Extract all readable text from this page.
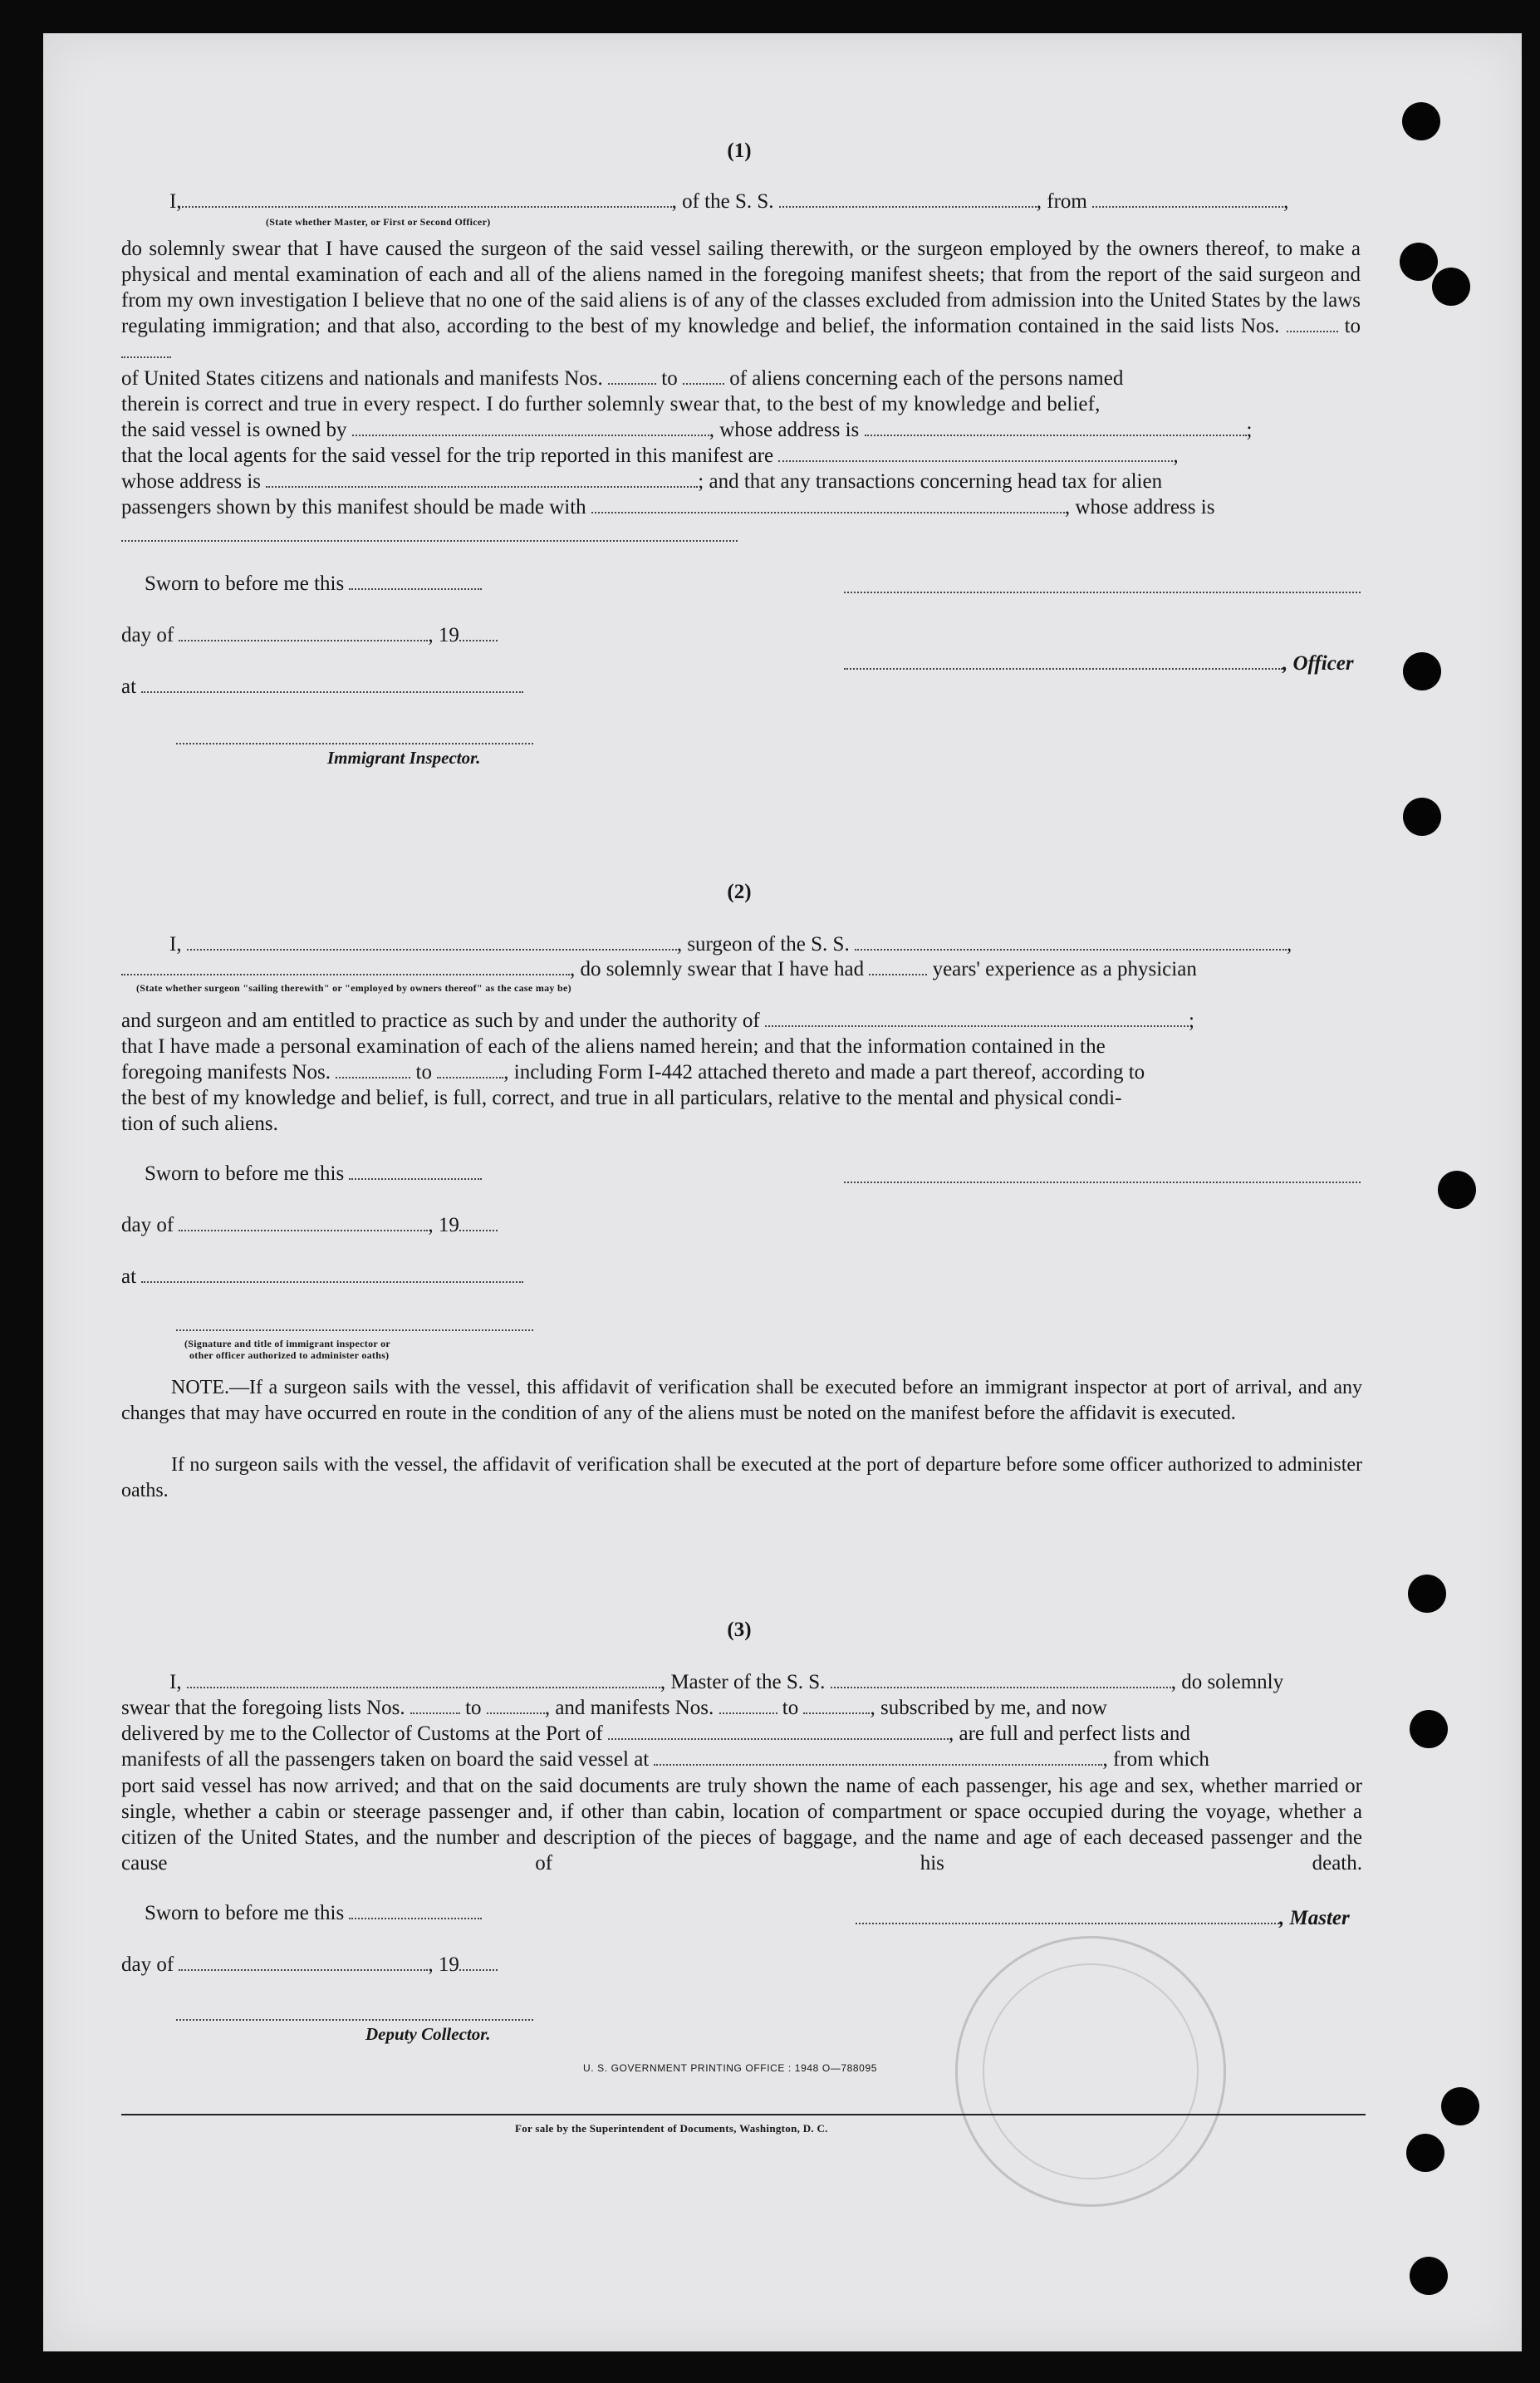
(1)
I,	, of the S. S.	, from	,
(State whether Master, or First or Second Officer)
do solemnly swear that I have caused the surgeon of the said vessel sailing therewith, or the surgeon employed by the owners thereof, to make a physical and mental examination of each and all of the aliens named in the foregoing manifest sheets; that from the report of the said surgeon and from my own investigation I believe that no one of the said aliens is of any of the classes excluded from admission into the United States by the laws regulating immigration; and that also, according to the best of my knowledge and belief, the information contained in the said lists Nos.	to
of United States citizens and nationals and manifests Nos.	to	of aliens concerning each of the persons named
therein is correct and true in every respect. I do further solemnly swear that, to the best of my knowledge and belief,
the said vessel is owned by	, whose address is	;
that the local agents for the said vessel for the trip reported in this manifest are	,
whose address is	; and that any transactions concerning head tax for alien
passengers shown by this manifest should be made with	, whose address is
Sworn to before me this
day of	, 19
, Officer
at
Immigrant Inspector.
(2)
I,	, surgeon of the S. S.	,
, do solemnly swear that I have had	years' experience as a physician
(State whether surgeon "sailing therewith" or "employed by owners thereof" as the case may be)
and surgeon and am entitled to practice as such by and under the authority of	;
that I have made a personal examination of each of the aliens named herein; and that the information contained in the
foregoing manifests Nos.	to	, including Form I-442 attached thereto and made a part thereof, according to
the best of my knowledge and belief, is full, correct, and true in all particulars, relative to the mental and physical condi-
tion of such aliens.
Sworn to before me this
day of	, 19
at
(Signature and title of immigrant inspector or
other officer authorized to administer oaths)
NOTE.—If a surgeon sails with the vessel, this affidavit of verification shall be executed before an immigrant inspector at port of arrival, and any changes that may have occurred en route in the condition of any of the aliens must be noted on the manifest before the affidavit is executed.
If no surgeon sails with the vessel, the affidavit of verification shall be executed at the port of departure before some officer authorized to administer oaths.
(3)
I,	, Master of the S. S.	, do solemnly
swear that the foregoing lists Nos.	to	, and manifests Nos.	to	, subscribed by me, and now
delivered by me to the Collector of Customs at the Port of	, are full and perfect lists and
manifests of all the passengers taken on board the said vessel at	, from which
port said vessel has now arrived; and that on the said documents are truly shown the name of each passenger, his age and sex, whether married or single, whether a cabin or steerage passenger and, if other than cabin, location of compartment or space occupied during the voyage, whether a citizen of the United States, and the number and description of the pieces of baggage, and the name and age of each deceased passenger and the cause of his death.
Sworn to before me this	, Master
day of	, 19
Deputy Collector.
U. S. GOVERNMENT PRINTING OFFICE : 1948 O—788095
For sale by the Superintendent of Documents, Washington, D. C.
